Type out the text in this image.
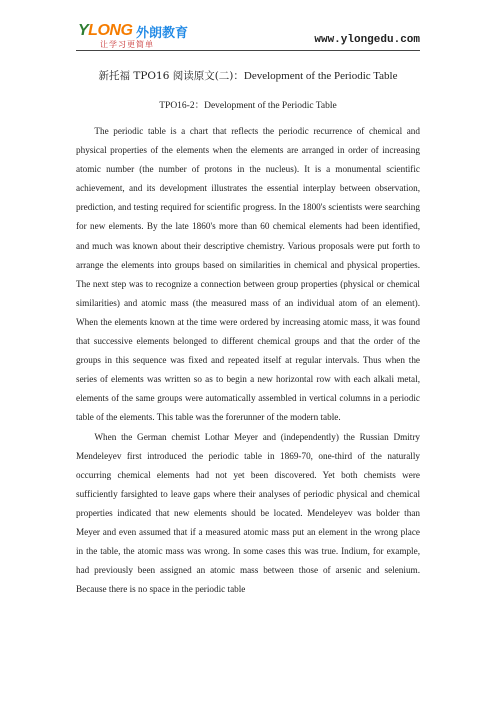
YLONG 外朗教育
让学习更简单	www.ylongedu.com
新托福 TPO16 阅读原文(二)：Development of the Periodic Table
TPO16-2：Development of the Periodic Table

The periodic table is a chart that reflects the periodic recurrence of chemical and physical properties of the elements when the elements are arranged in order of increasing atomic number (the number of protons in the nucleus). It is a monumental scientific achievement, and its development illustrates the essential interplay between observation, prediction, and testing required for scientific progress. In the 1800's scientists were searching for new elements. By the late 1860's more than 60 chemical elements had been identified, and much was known about their descriptive chemistry. Various proposals were put forth to arrange the elements into groups based on similarities in chemical and physical properties. The next step was to recognize a connection between group properties (physical or chemical similarities) and atomic mass (the measured mass of an individual atom of an element). When the elements known at the time were ordered by increasing atomic mass, it was found that successive elements belonged to different chemical groups and that the order of the groups in this sequence was fixed and repeated itself at regular intervals. Thus when the series of elements was written so as to begin a new horizontal row with each alkali metal, elements of the same groups were automatically assembled in vertical columns in a periodic table of the elements. This table was the forerunner of the modern table.

When the German chemist Lothar Meyer and (independently) the Russian Dmitry Mendeleyev first introduced the periodic table in 1869-70, one-third of the naturally occurring chemical elements had not yet been discovered. Yet both chemists were sufficiently farsighted to leave gaps where their analyses of periodic physical and chemical properties indicated that new elements should be located. Mendeleyev was bolder than Meyer and even assumed that if a measured atomic mass put an element in the wrong place in the table, the atomic mass was wrong. In some cases this was true. Indium, for example, had previously been assigned an atomic mass between those of arsenic and selenium. Because there is no space in the periodic table
